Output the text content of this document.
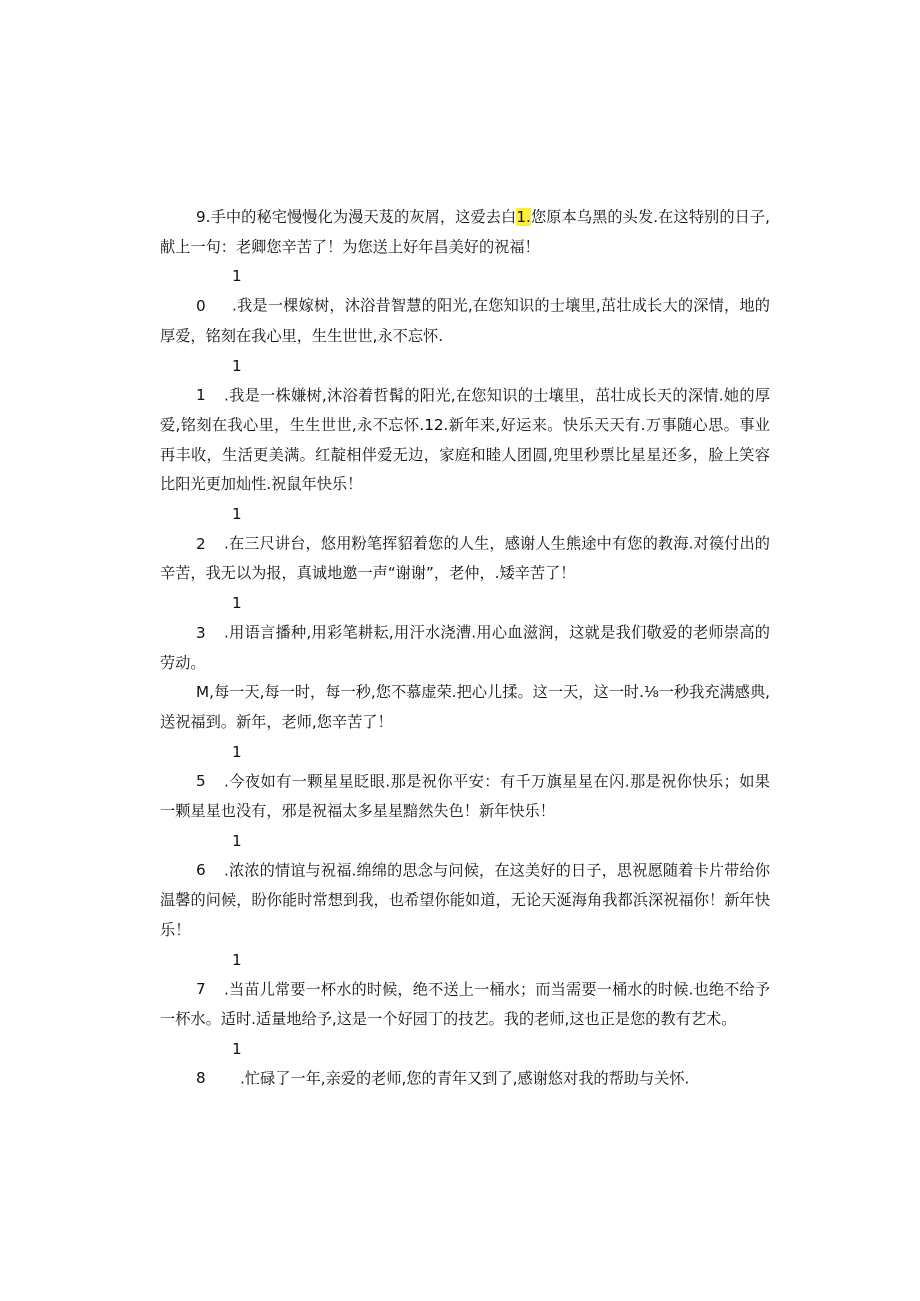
9.手中的秘宅慢慢化为漫天芨的灰屑，这爱去白1.您原本乌黑的头发.在这特别的日子,献上一句：老卿您辛苦了！为您送上好年昌美好的祝福！

10 .我是一棵嫁树，沐浴昔智慧的阳光,在您知识的士壤里,茁壮成长大的深情，地的厚爱，铭刻在我心里，生生世世,永不忘怀.

11 .我是一株嫌树,沐浴着哲髯的阳光,在您知识的士壤里，茁壮成长天的深情.她的厚爱,铭刻在我心里，生生世世,永不忘怀.12.新年来,好运来。快乐天天有.万事随心思。事业再丰收，生活更美满。红靛相伴爱无边，家庭和睦人团圆,兜里秒票比星星还多，脸上笑容比阳光更加灿性.祝鼠年快乐！

12 .在三尺讲台，悠用粉笔挥貂着您的人生，感谢人生熊途中有您的教海.对篌付出的辛苦，我无以为报，真诚地邀一声“谢谢”，老仲，.矮辛苦了！

13 .用语言播种,用彩笔耕耘,用汗水浇漕.用心血滋润，这就是我们敬爱的老师崇高的劳动。

M,每一天,每一时，每一秒,您不慕虚荣.把心儿揉。这一天，这一时.⅛一秒我充满感典,送祝福到。新年，老师,您辛苦了！

15 .今夜如有一颗星星眨眼.那是祝你平安：有千万旗星星在闪.那是祝你快乐；如果一颗星星也没有，邪是祝福太多星星黯然失色！新年快乐！

16 .浓浓的情谊与祝福.绵绵的思念与问候，在这美好的日子，思祝愿随着卡片带给你温馨的问候，盼你能时常想到我，也希望你能如道，无论天涎海角我都浜深祝福你！新年快乐！

17 .当苗儿常要一杯水的时候，绝不送上一桶水；而当需要一桶水的时候.也绝不给予一杯水。适时.适量地给予,这是一个好园丁的技艺。我的老师,这也正是您的教有艺术。

18 .忙碌了一年,亲爱的老师,您的青年又到了,感谢悠对我的帮助与关怀.
